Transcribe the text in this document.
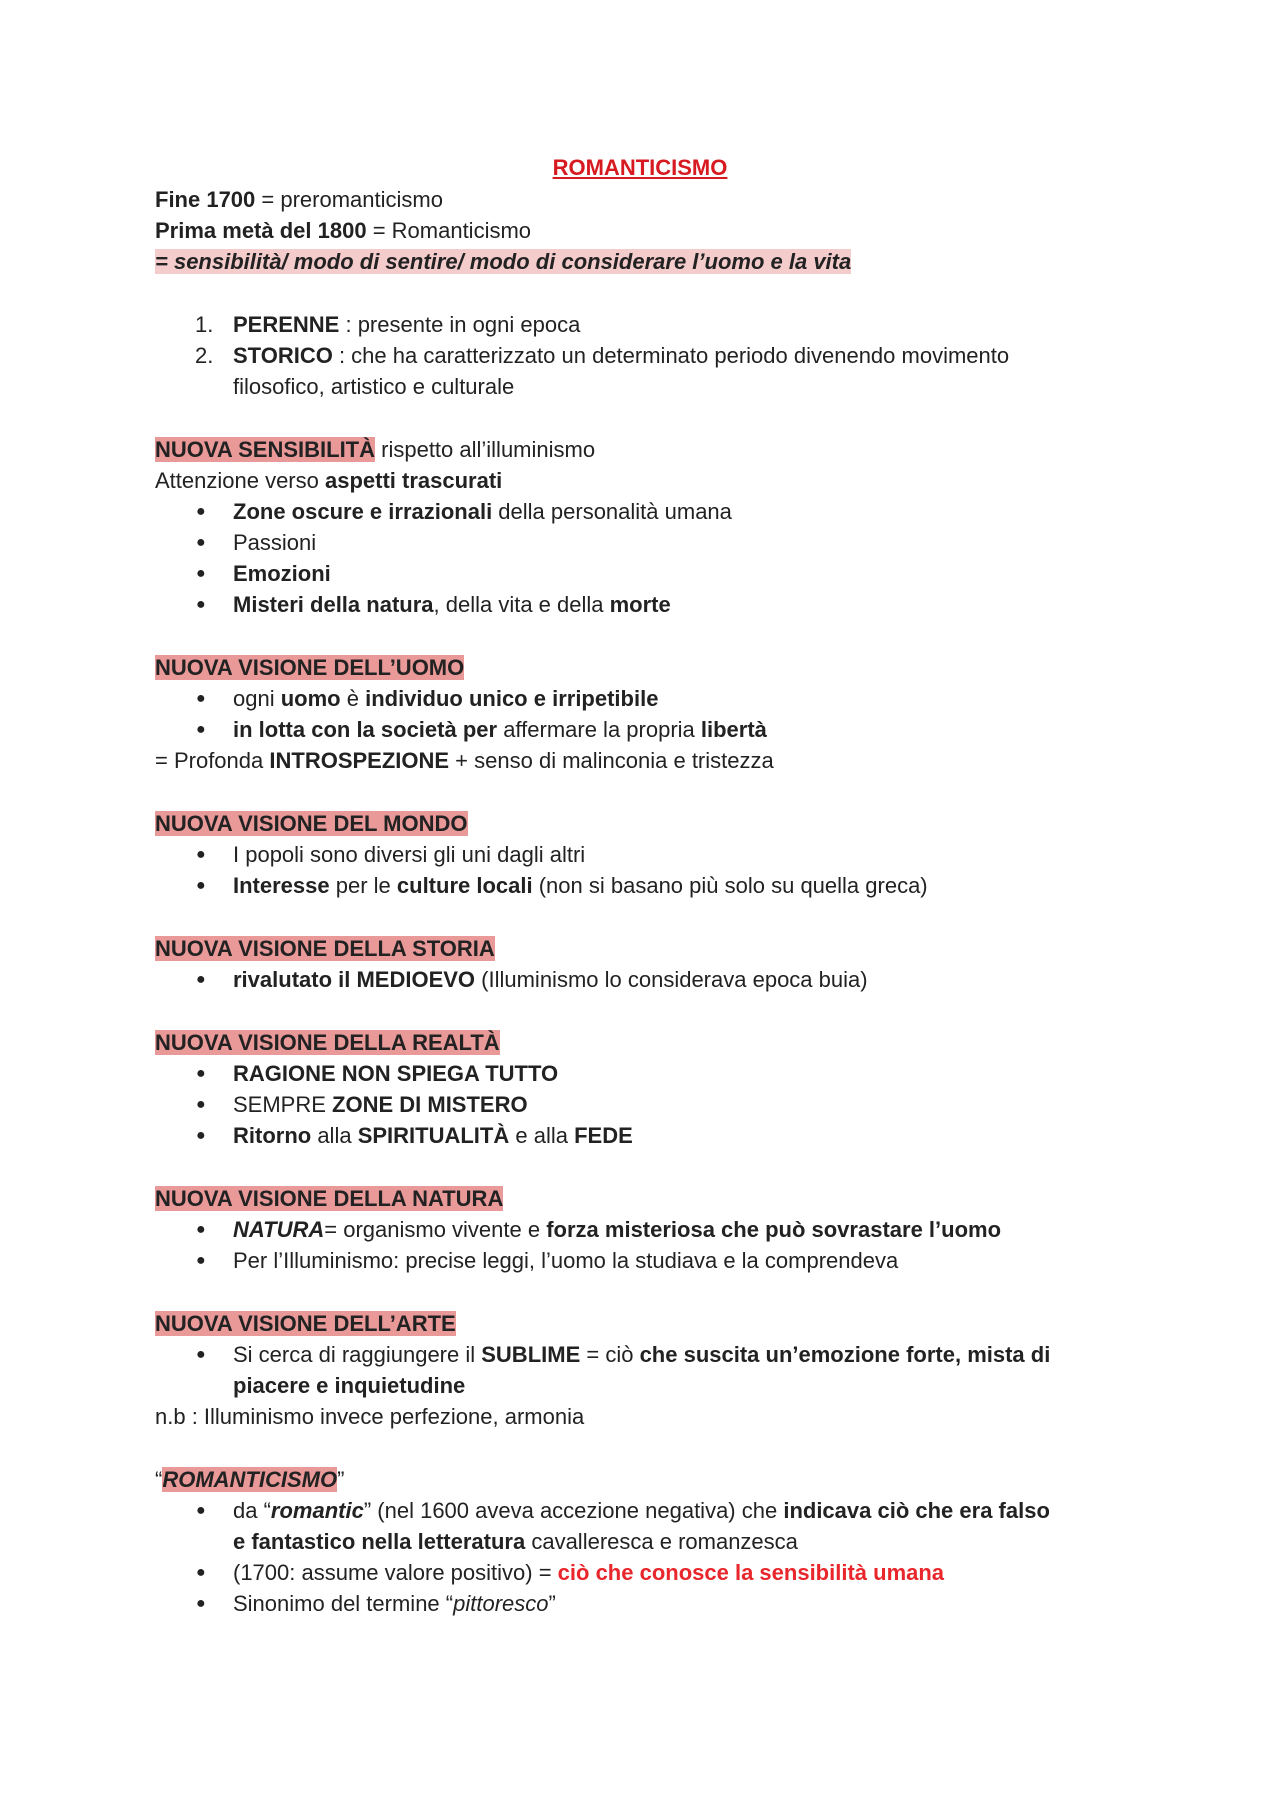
ROMANTICISMO
Fine 1700 = preromanticismo
Prima metà del 1800 = Romanticismo
= sensibilità/ modo di sentire/ modo di considerare l’uomo e la vita
1. PERENNE : presente in ogni epoca
2. STORICO : che ha caratterizzato un determinato periodo divenendo movimento
filosofico, artistico e culturale
NUOVA SENSIBILITÀ rispetto all’illuminismo
Attenzione verso aspetti trascurati
● Zone oscure e irrazionali della personalità umana
● Passioni
● Emozioni
● Misteri della natura, della vita e della morte
NUOVA VISIONE DELL’UOMO
● ogni uomo è individuo unico e irripetibile
● in lotta con la società per affermare la propria libertà
= Profonda INTROSPEZIONE + senso di malinconia e tristezza
NUOVA VISIONE DEL MONDO
● I popoli sono diversi gli uni dagli altri
● Interesse per le culture locali (non si basano più solo su quella greca)
NUOVA VISIONE DELLA STORIA
● rivalutato il MEDIOEVO (Illuminismo lo considerava epoca buia)
NUOVA VISIONE DELLA REALTÀ
● RAGIONE NON SPIEGA TUTTO
● SEMPRE ZONE DI MISTERO
● Ritorno alla SPIRITUALITÀ e alla FEDE
NUOVA VISIONE DELLA NATURA
● NATURA= organismo vivente e forza misteriosa che può sovrastare l’uomo
● Per l’Illuminismo: precise leggi, l’uomo la studiava e la comprendeva
NUOVA VISIONE DELL’ARTE
● Si cerca di raggiungere il SUBLIME = ciò che suscita un’emozione forte, mista di
piacere e inquietudine
n.b : Illuminismo invece perfezione, armonia
“ROMANTICISMO”
● da “romantic” (nel 1600 aveva accezione negativa) che indicava ciò che era falso
e fantastico nella letteratura cavalleresca e romanzesca
● (1700: assume valore positivo) = ciò che conosce la sensibilità umana
● Sinonimo del termine “pittoresco”
